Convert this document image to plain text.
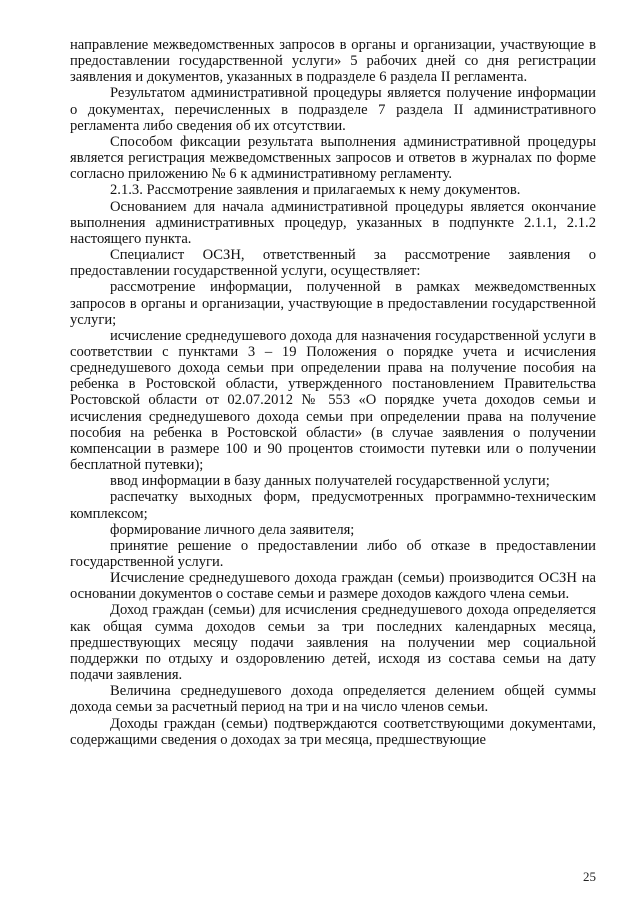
направление межведомственных запросов в органы и организации, участвующие в предоставлении государственной услуги» 5 рабочих дней со дня регистрации заявления и документов, указанных в подразделе 6 раздела II регламента.

Результатом административной процедуры является получение информации о документах, перечисленных в подразделе 7 раздела II административного регламента либо сведения об их отсутствии.

Способом фиксации результата выполнения административной процедуры является регистрация межведомственных запросов и ответов в журналах по форме согласно приложению № 6 к административному регламенту.

2.1.3. Рассмотрение заявления и прилагаемых к нему документов.

Основанием для начала административной процедуры является окончание выполнения административных процедур, указанных в подпункте 2.1.1, 2.1.2 настоящего пункта.

Специалист ОСЗН, ответственный за рассмотрение заявления о предоставлении государственной услуги, осуществляет:

рассмотрение информации, полученной в рамках межведомственных запросов в органы и организации, участвующие в предоставлении государственной услуги;

исчисление среднедушевого дохода для назначения государственной услуги в соответствии с пунктами 3 – 19 Положения о порядке учета и исчисления среднедушевого дохода семьи при определении права на получение пособия на ребенка в Ростовской области, утвержденного постановлением Правительства Ростовской области от 02.07.2012 № 553 «О порядке учета доходов семьи и исчисления среднедушевого дохода семьи при определении права на получение пособия на ребенка в Ростовской области» (в случае заявления о получении компенсации в размере 100 и 90 процентов стоимости путевки или о получении бесплатной путевки);

ввод информации в базу данных получателей государственной услуги;

распечатку выходных форм, предусмотренных программно-техническим комплексом;

формирование личного дела заявителя;

принятие решение о предоставлении либо об отказе в предоставлении государственной услуги.

Исчисление среднедушевого дохода граждан (семьи) производится ОСЗН на основании документов о составе семьи и размере доходов каждого члена семьи.

Доход граждан (семьи) для исчисления среднедушевого дохода определяется как общая сумма доходов семьи за три последних календарных месяца, предшествующих месяцу подачи заявления на получении мер социальной поддержки по отдыху и оздоровлению детей, исходя из состава семьи на дату подачи заявления.

Величина среднедушевого дохода определяется делением общей суммы дохода семьи за расчетный период на три и на число членов семьи.

Доходы граждан (семьи) подтверждаются соответствующими документами, содержащими сведения о доходах за три месяца, предшествующие

25
